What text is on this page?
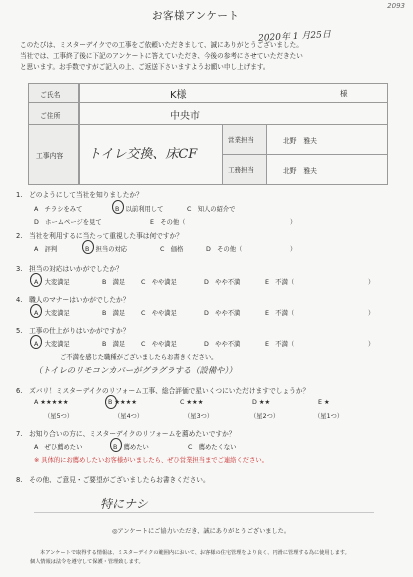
2093
お客様アンケート
2020年 1 月25日
このたびは、ミスターデイクでの工事をご依頼いただきまして、誠にありがとうございました。
当社では、工事終了後に下記のアンケートに答えていただき、今後の参考にさせていただきたい
と思います。お手数ですがご記入の上、ご返送下さいますようお願い申し上げます。
ご氏名	K様	様
ご住所	中央市
工事内容 トイレ交換、床CF
営業担当	北野　雅夫
工務担当	北野　雅夫
1.　どのようにして当社を知りましたか？
A　チラシをみて	B　以前利用して	C　知人の紹介で
D　ホームページを見て	E　その他（	）
2.　当社を利用するに当たって重視した事は何ですか？
A　評判	B　担当の対応	C　価格	D　その他（	）
3.　担当の対応はいかがでしたか？
A　大変満足	B　満足	C　やや満足	D　やや不満	E　不満（	）
4.　職人のマナーはいかがでしたか？
A　大変満足	B　満足	C　やや満足	D　やや不満	E　不満（	）
5.　工事の仕上がりはいかがですか？
A　大変満足	B　満足	C　やや満足	D　やや不満	E　不満（	）
ご不満を感じた職種がございましたらお書きください。
（トイレのリモコンカバーがグラグラする（設備や））
6.　ズバリ！ミスターデイクのリフォーム工事、総合評価で星いくつにいただけますでしょうか？
A ★★★★★	B ★★★★	C ★★★	D ★★	E ★
（星5つ）	（星4つ）	（星3つ）	（星2つ）	（星1つ）
7.　お知り合いの方に、ミスターデイクのリフォームを薦めたいですか？
A　ぜひ薦めたい	B　薦めたい	C　薦めたくない
※ 具体的にお薦めしたいお客様がいましたら、ぜひ営業担当までご連絡ください。
8.　その他、ご意見・ご要望がございましたらお書きください。
特にナシ
◎アンケートにご協力いただき、誠にありがとうございました。
本アンケートで取得する情報は、ミスターデイクの範囲内において、お客様の住宅管理をより良く、円滑に管理する為に使用します。
個人情報は法令を遵守して保護・管理致します。
